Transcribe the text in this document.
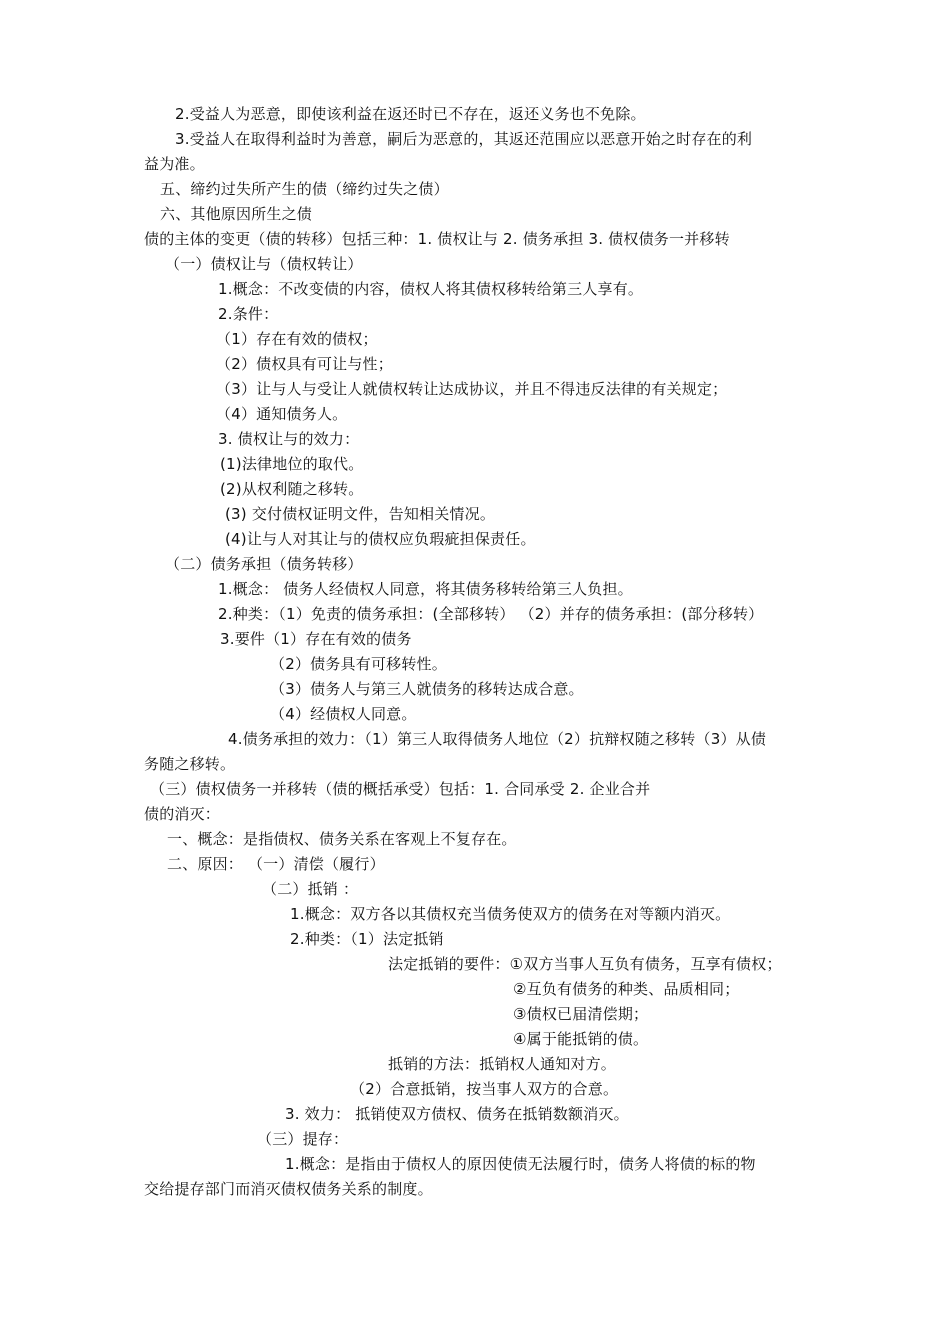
2.受益人为恶意，即使该利益在返还时已不存在，返还义务也不免除。

3.受益人在取得利益时为善意，嗣后为恶意的，其返还范围应以恶意开始之时存在的利

益为准。

五、缔约过失所产生的债（缔约过失之债）

六、其他原因所生之债

债的主体的变更（债的转移）包括三种：1. 债权让与 2. 债务承担 3. 债权债务一并移转

（一）债权让与（债权转让）

1.概念：不改变债的内容，债权人将其债权移转给第三人享有。

2.条件：

（1）存在有效的债权；

（2）债权具有可让与性；

（3）让与人与受让人就债权转让达成协议，并且不得违反法律的有关规定；

（4）通知债务人。

3. 债权让与的效力：

(1)法律地位的取代。

(2)从权利随之移转。

(3) 交付债权证明文件，告知相关情况。

(4)让与人对其让与的债权应负瑕疵担保责任。

（二）债务承担（债务转移）

1.概念： 债务人经债权人同意，将其债务移转给第三人负担。

2.种类：（1）免责的债务承担：(全部移转） （2）并存的债务承担：(部分移转）

3.要件（1）存在有效的债务

（2）债务具有可移转性。

（3）债务人与第三人就债务的移转达成合意。

（4）经债权人同意。

4.债务承担的效力：（1）第三人取得债务人地位（2）抗辩权随之移转（3）从债

务随之移转。

（三）债权债务一并移转（债的概括承受）包括：1. 合同承受 2. 企业合并

债的消灭：

一、概念：是指债权、债务关系在客观上不复存在。

二、原因： （一）清偿（履行）

（二）抵销 ：

1.概念：双方各以其债权充当债务使双方的债务在对等额内消灭。

2.种类：（1）法定抵销

法定抵销的要件：①双方当事人互负有债务，互享有债权；

②互负有债务的种类、品质相同；

③债权已届清偿期；

④属于能抵销的债。

抵销的方法：抵销权人通知对方。

（2）合意抵销，按当事人双方的合意。

3. 效力： 抵销使双方债权、债务在抵销数额消灭。

（三）提存：

1.概念：是指由于债权人的原因使债无法履行时，债务人将债的标的物

交给提存部门而消灭债权债务关系的制度。
